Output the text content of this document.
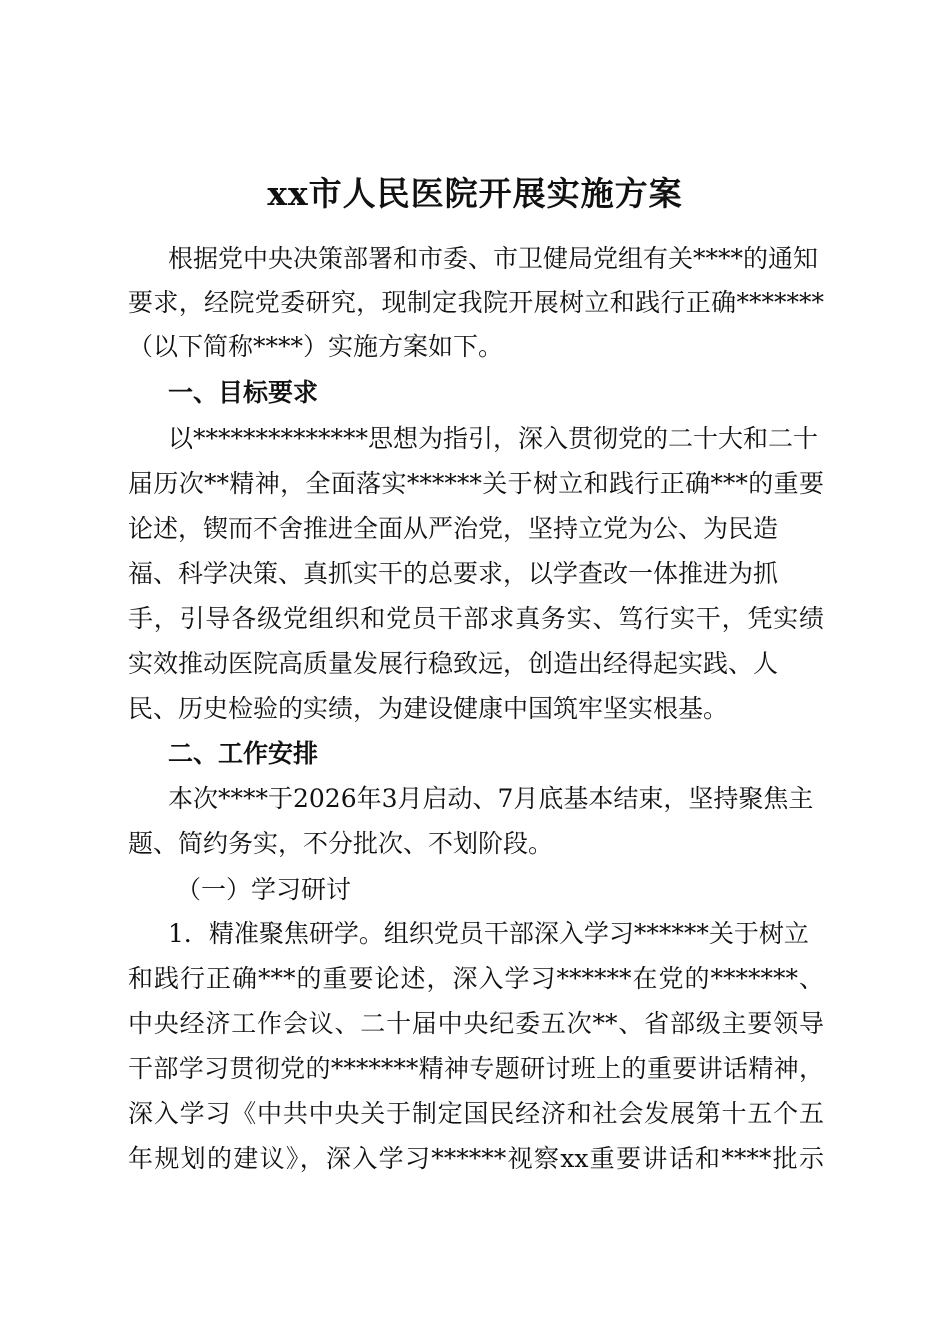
xx市人民医院开展实施方案
根据党中央决策部署和市委、市卫健局党组有关****的通知
要求，经院党委研究，现制定我院开展树立和践行正确*******
（以下简称****）实施方案如下。
一、目标要求
以**************思想为指引，深入贯彻党的二十大和二十
届历次**精神，全面落实******关于树立和践行正确***的重要
论述，锲而不舍推进全面从严治党，坚持立党为公、为民造
福、科学决策、真抓实干的总要求，以学查改一体推进为抓
手，引导各级党组织和党员干部求真务实、笃行实干，凭实绩
实效推动医院高质量发展行稳致远，创造出经得起实践、人
民、历史检验的实绩，为建设健康中国筑牢坚实根基。
二、工作安排
本次****于2026年3月启动、7月底基本结束，坚持聚焦主
题、简约务实，不分批次、不划阶段。
（一）学习研讨
1．精准聚焦研学。组织党员干部深入学习******关于树立
和践行正确***的重要论述，深入学习******在党的*******、
中央经济工作会议、二十届中央纪委五次**、省部级主要领导
干部学习贯彻党的*******精神专题研讨班上的重要讲话精神，
深入学习《中共中央关于制定国民经济和社会发展第十五个五
年规划的建议》，深入学习******视察xx重要讲话和****批示
